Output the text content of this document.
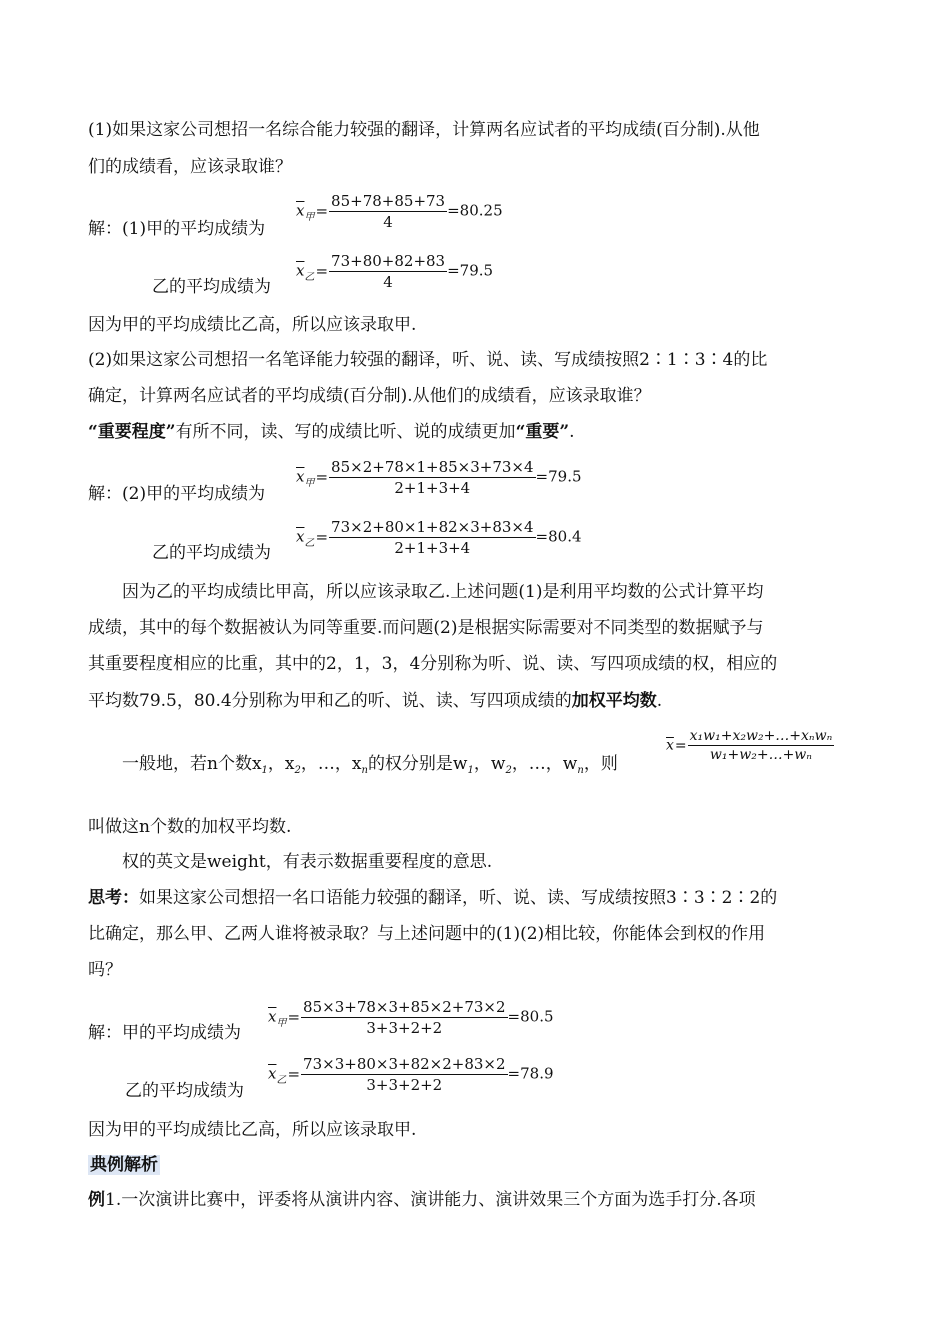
(1)如果这家公司想招一名综合能力较强的翻译，计算两名应试者的平均成绩(百分制).从他
们的成绩看，应该录取谁？
解：(1)甲的平均成绩为
$\overline{x}_甲= \frac{85+78+85+73}{4} =80.25$
乙的平均成绩为
$\overline{x}_乙= \frac{73+80+82+83}{4} =79.5$
因为甲的平均成绩比乙高，所以应该录取甲.
(2)如果这家公司想招一名笔译能力较强的翻译，听、说、读、写成绩按照2∶1∶3∶4的比
确定，计算两名应试者的平均成绩(百分制).从他们的成绩看，应该录取谁？
“重要程度”有所不同，读、写的成绩比听、说的成绩更加“重要”.
解：(2)甲的平均成绩为
$\overline{x}_甲= \frac{85\times 2+78\times 1+85\times 3+73\times 4}{2+1+3+4} =79.5$
乙的平均成绩为
$\overline{x}_乙= \frac{73\times 2+80\times 1+82\times 3+83\times 4}{2+1+3+4} =80.4$
因为乙的平均成绩比甲高，所以应该录取乙.上述问题(1)是利用平均数的公式计算平均
成绩，其中的每个数据被认为同等重要.而问题(2)是根据实际需要对不同类型的数据赋予与
其重要程度相应的比重，其中的2，1，3，4分别称为听、说、读、写四项成绩的权，相应的
平均数79.5，80.4分别称为甲和乙的听、说、读、写四项成绩的加权平均数.
一般地，若n个数$x_1$，$x_2$，…，$x_n$的权分别是$w_1$，$w_2$，…，$w_n$，则
$\overline{x}= \frac{\text{x₁w₁+x₂w₂+…+xₙwₙ}}{\text{w₁+w₂+…+wₙ}}$
叫做这n个数的加权平均数.
权的英文是weight，有表示数据重要程度的意思.
思考：如果这家公司想招一名口语能力较强的翻译，听、说、读、写成绩按照3∶3∶2∶2的
比确定，那么甲、乙两人谁将被录取？与上述问题中的(1)(2)相比较，你能体会到权的作用
吗？
解：甲的平均成绩为
$\overline{x}_甲= \frac{85\times 3+78\times 3+85\times 2+73\times 2}{3+3+2+2} =80.5$
乙的平均成绩为
$\overline{x}_乙= \frac{73\times 3+80\times 3+82\times 2+83\times 2}{3+3+2+2} =78.9$
因为甲的平均成绩比乙高，所以应该录取甲.
典例解析
例1.一次演讲比赛中，评委将从演讲内容、演讲能力、演讲效果三个方面为选手打分.各项
